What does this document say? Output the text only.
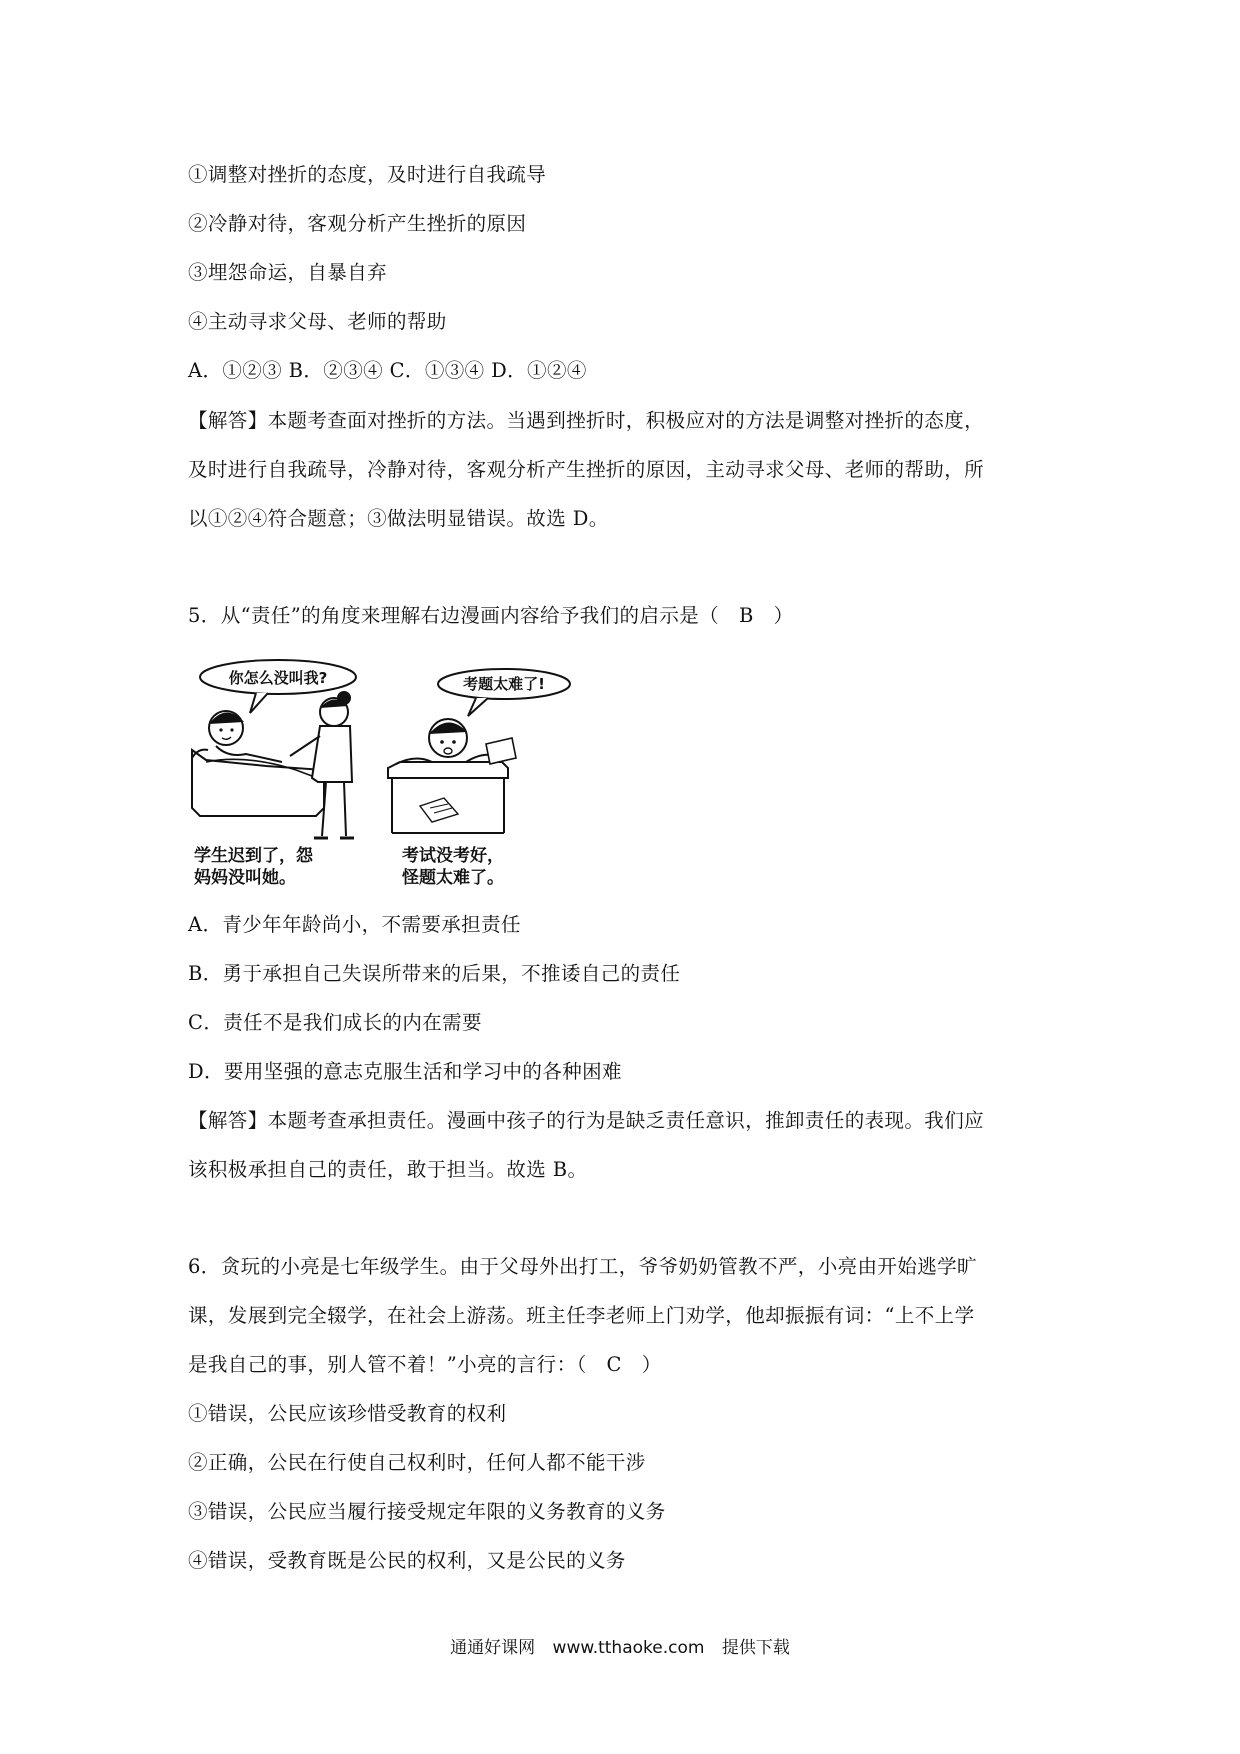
①调整对挫折的态度，及时进行自我疏导
②冷静对待，客观分析产生挫折的原因
③埋怨命运，自暴自弃
④主动寻求父母、老师的帮助
A．①②③ B．②③④ C．①③④ D．①②④
【解答】本题考查面对挫折的方法。当遇到挫折时，积极应对的方法是调整对挫折的态度，
及时进行自我疏导，冷静对待，客观分析产生挫折的原因，主动寻求父母、老师的帮助，所
以①②④符合题意；③做法明显错误。故选 D。
5．从“责任”的角度来理解右边漫画内容给予我们的启示是（　B　）
你怎么没叫我?
学生迟到了，怨
妈妈没叫她。
考题太难了!
考试没考好，
怪题太难了。
A．青少年年龄尚小，不需要承担责任
B．勇于承担自己失误所带来的后果，不推诿自己的责任
C．责任不是我们成长的内在需要
D．要用坚强的意志克服生活和学习中的各种困难
【解答】本题考查承担责任。漫画中孩子的行为是缺乏责任意识，推卸责任的表现。我们应
该积极承担自己的责任，敢于担当。故选 B。
6．贪玩的小亮是七年级学生。由于父母外出打工，爷爷奶奶管教不严，小亮由开始逃学旷
课，发展到完全辍学，在社会上游荡。班主任李老师上门劝学，他却振振有词：“上不上学
是我自己的事，别人管不着！”小亮的言行：（　C　）
①错误，公民应该珍惜受教育的权利
②正确，公民在行使自己权利时，任何人都不能干涉
③错误，公民应当履行接受规定年限的义务教育的义务
④错误，受教育既是公民的权利，又是公民的义务
通通好课网 www.tthaoke.com 提供下载
